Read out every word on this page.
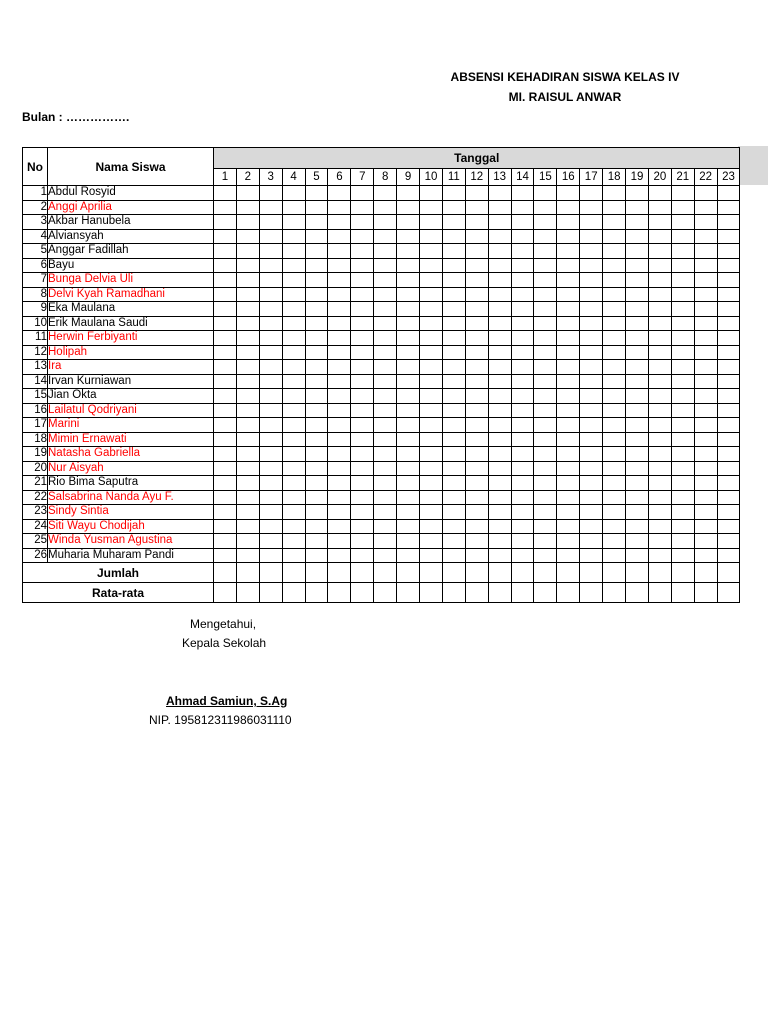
ABSENSI KEHADIRAN SISWA KELAS IV
MI. RAISUL ANWAR
Bulan : …………….
No	Nama Siswa	Tanggal																						
		1	2	3	4	5	6	7	8	9	10	11	12	13	14	15	16	17	18	19	20	21	22	23
1	Abdul Rosyid																							
2	Anggi Aprilia																							
3	Akbar Hanubela																							
4	Alviansyah																							
5	Anggar Fadillah																							
6	Bayu																							
7	Bunga Delvia Uli																							
8	Delvi Kyah Ramadhani																							
9	Eka Maulana																							
10	Erik Maulana Saudi																							
11	Herwin Ferbiyanti																							
12	Holipah																							
13	Ira																							
14	Irvan Kurniawan																							
15	Jian Okta																							
16	Lailatul Qodriyani																							
17	Marini																							
18	Mimin Ernawati																							
19	Natasha Gabriella																							
20	Nur Aisyah																							
21	Rio Bima Saputra																							
22	Salsabrina Nanda Ayu F.																							
23	Sindy Sintia																							
24	Siti Wayu Chodijah																							
25	Winda Yusman Agustina																							
26	Muharia Muharam Pandi																							
Jumlah																								
Rata-rata																								
Mengetahui,
Kepala Sekolah
Ahmad Samiun, S.Ag
NIP. 195812311986031110
